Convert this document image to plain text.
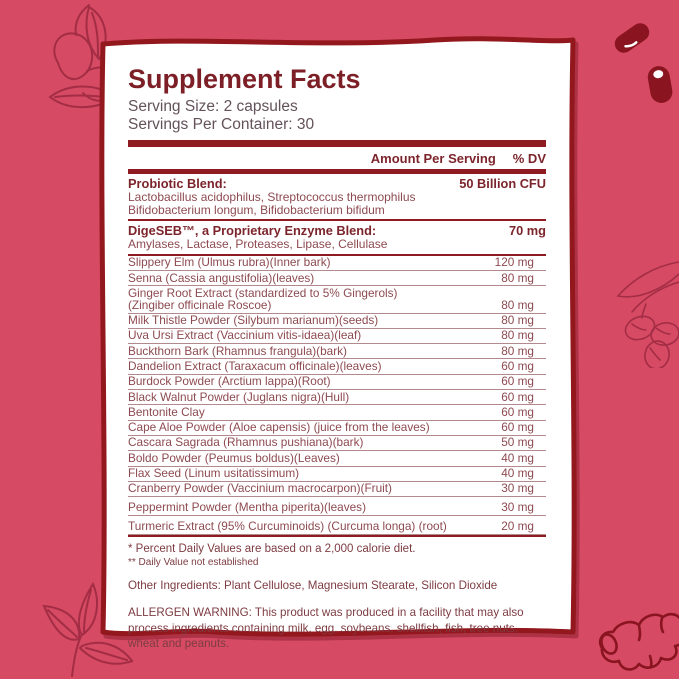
Supplement Facts
Serving Size: 2 capsules
Servings Per Container: 30
Amount Per Serving % DV
Probiotic Blend:	50 Billion CFU
Lactobacillus acidophilus, Streptococcus thermophilus
Bifidobacterium longum, Bifidobacterium bifidum
DigeSEB™, a Proprietary Enzyme Blend:	70 mg
Amylases, Lactase, Proteases, Lipase, Cellulase
Slippery Elm (Ulmus rubra)(Inner bark)	120 mg
Senna (Cassia angustifolia)(leaves)	80 mg
Ginger Root Extract (standardized to 5% Gingerols)
(Zingiber officinale Roscoe)	80 mg
Milk Thistle Powder (Silybum marianum)(seeds)	80 mg
Uva Ursi Extract (Vaccinium vitis-idaea)(leaf)	80 mg
Buckthorn Bark (Rhamnus frangula)(bark)	80 mg
Dandelion Extract (Taraxacum officinale)(leaves)	60 mg
Burdock Powder (Arctium lappa)(Root)	60 mg
Black Walnut Powder (Juglans nigra)(Hull)	60 mg
Bentonite Clay	60 mg
Cape Aloe Powder (Aloe capensis) (juice from the leaves)	60 mg
Cascara Sagrada (Rhamnus pushiana)(bark)	50 mg
Boldo Powder (Peumus boldus)(Leaves)	40 mg
Flax Seed (Linum usitatissimum)	40 mg
Cranberry Powder (Vaccinium macrocarpon)(Fruit)	30 mg
Peppermint Powder (Mentha piperita)(leaves)	30 mg
Turmeric Extract (95% Curcuminoids) (Curcuma longa) (root)	20 mg
* Percent Daily Values are based on a 2,000 calorie diet.
** Daily Value not established
Other Ingredients: Plant Cellulose, Magnesium Stearate, Silicon Dioxide
ALLERGEN WARNING: This product was produced in a facility that may also process ingredients containing milk, egg, soybeans, shellfish, fish, tree nuts, wheat and peanuts.
